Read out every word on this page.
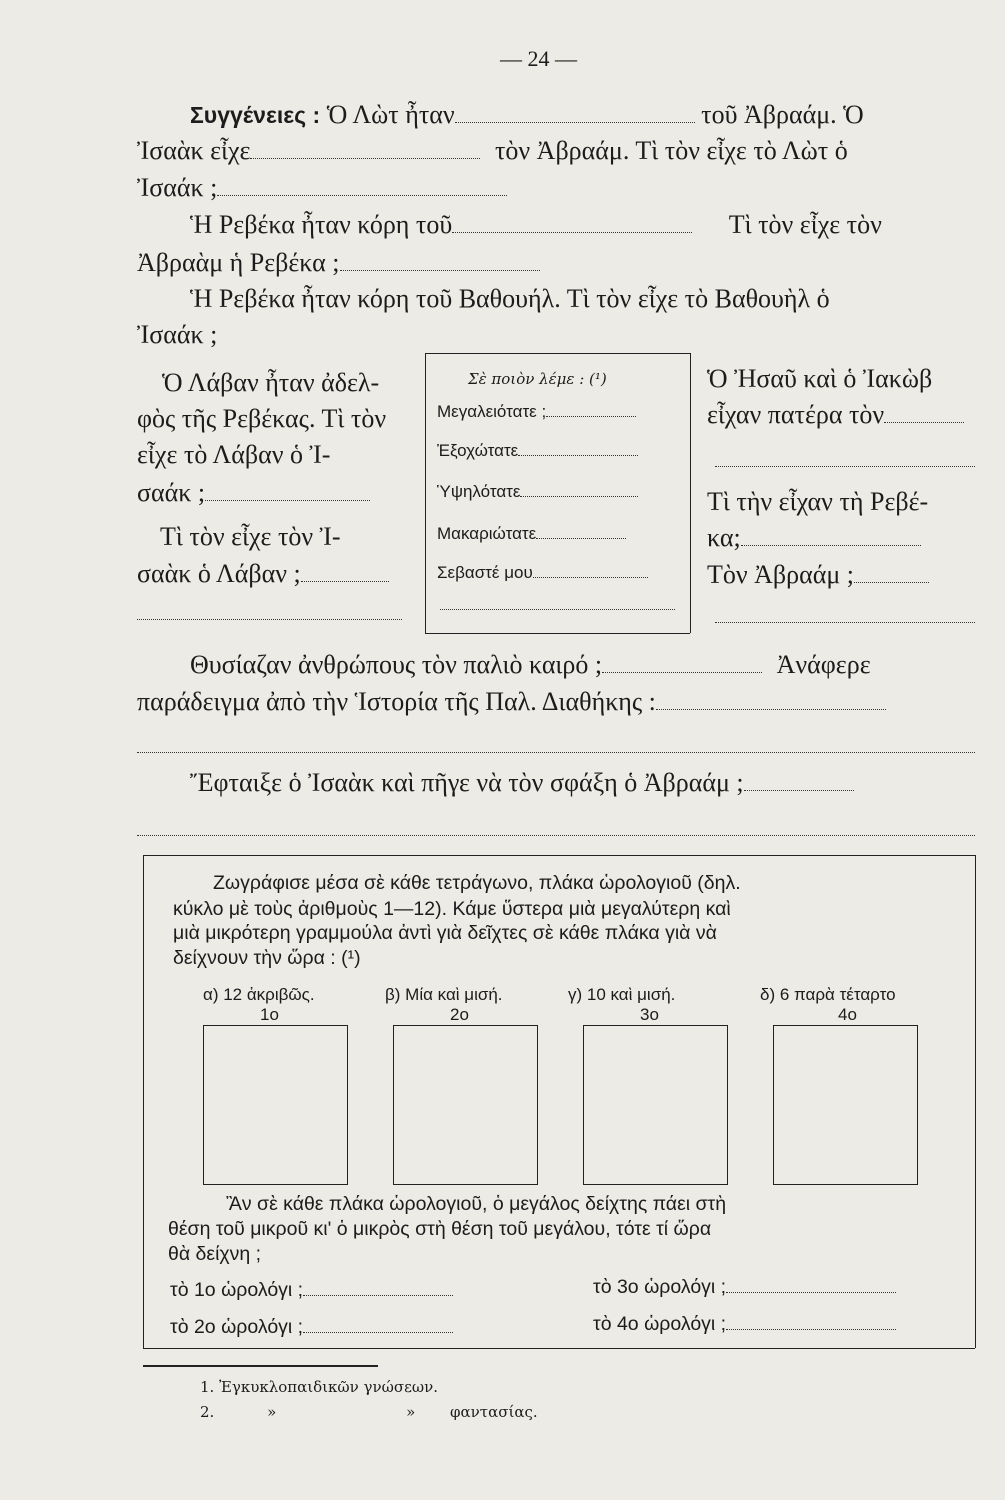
— 24 —
Συγγένειες : Ὁ Λὼτ ἦταν	τοῦ Ἀβραάμ. Ὁ
Ἰσαὰκ εἶχε	τὸν Ἀβραάμ. Τὶ τὸν εἶχε τὸ Λὼτ ὁ
Ἰσαάκ ;
Ἡ Ρεβέκα ἦταν κόρη τοῦ	Τὶ τὸν εἶχε τὸν
Ἀβραὰμ ἡ Ρεβέκα ;
Ἡ Ρεβέκα ἦταν κόρη τοῦ Βαθουήλ. Τὶ τὸν εἶχε τὸ Βαθουὴλ ὁ
Ἰσαάκ ;
Ὁ Λάβαν ἦταν ἀδελ-
φὸς τῆς Ρεβέκας. Τὶ τὸν
εἶχε τὸ Λάβαν ὁ Ἰ-
σαάκ ;
Τὶ τὸν εἶχε τὸν Ἰ-
σαὰκ ὁ Λάβαν ;
Σὲ ποιὸν λέμε : (¹)
Μεγαλειότατε ;
Ἐξοχώτατε
Ὑψηλότατε
Μακαριώτατε
Σεβαστέ μου
Ὁ Ἠσαῦ καὶ ὁ Ἰακὼβ
εἶχαν πατέρα τὸν
Τὶ τὴν εἶχαν τὴ Ρεβέ-
κα;
Τὸν Ἀβραάμ ;
Θυσίαζαν ἀνθρώπους τὸν παλιὸ καιρό ;	Ἀνάφερε
παράδειγμα ἀπὸ τὴν Ἱστορία τῆς Παλ. Διαθήκης :
Ἔφταιξε ὁ Ἰσαὰκ καὶ πῆγε νὰ τὸν σφάξη ὁ Ἀβραάμ ;
Ζωγράφισε μέσα σὲ κάθε τετράγωνο, πλάκα ὡρολογιοῦ (δηλ.
κύκλο μὲ τοὺς ἀριθμοὺς 1—12). Κάμε ὕστερα μιὰ μεγαλύτερη καὶ
μιὰ μικρότερη γραμμούλα ἀντὶ γιὰ δεῖχτες σὲ κάθε πλάκα γιὰ νὰ
δείχνουν τὴν ὥρα : (¹)
α) 12 ἀκριβῶς.	β) Μία καὶ μισή.	γ) 10 καὶ μισή.	δ) 6 παρὰ τέταρτο
1ο	2ο	3ο	4ο
Ἂν σὲ κάθε πλάκα ὡρολογιοῦ, ὁ μεγάλος δείχτης πάει στὴ
θέση τοῦ μικροῦ κι' ὁ μικρὸς στὴ θέση τοῦ μεγάλου, τότε τί ὥρα
θὰ δείχνη ;
τὸ 1ο ὡρολόγι ;
τὸ 2ο ὡρολόγι ;
τὸ 3ο ὡρολόγι ;
τὸ 4ο ὡρολόγι ;
1. Ἐγκυκλοπαιδικῶν γνώσεων.
2.	»	» φαντασίας.
